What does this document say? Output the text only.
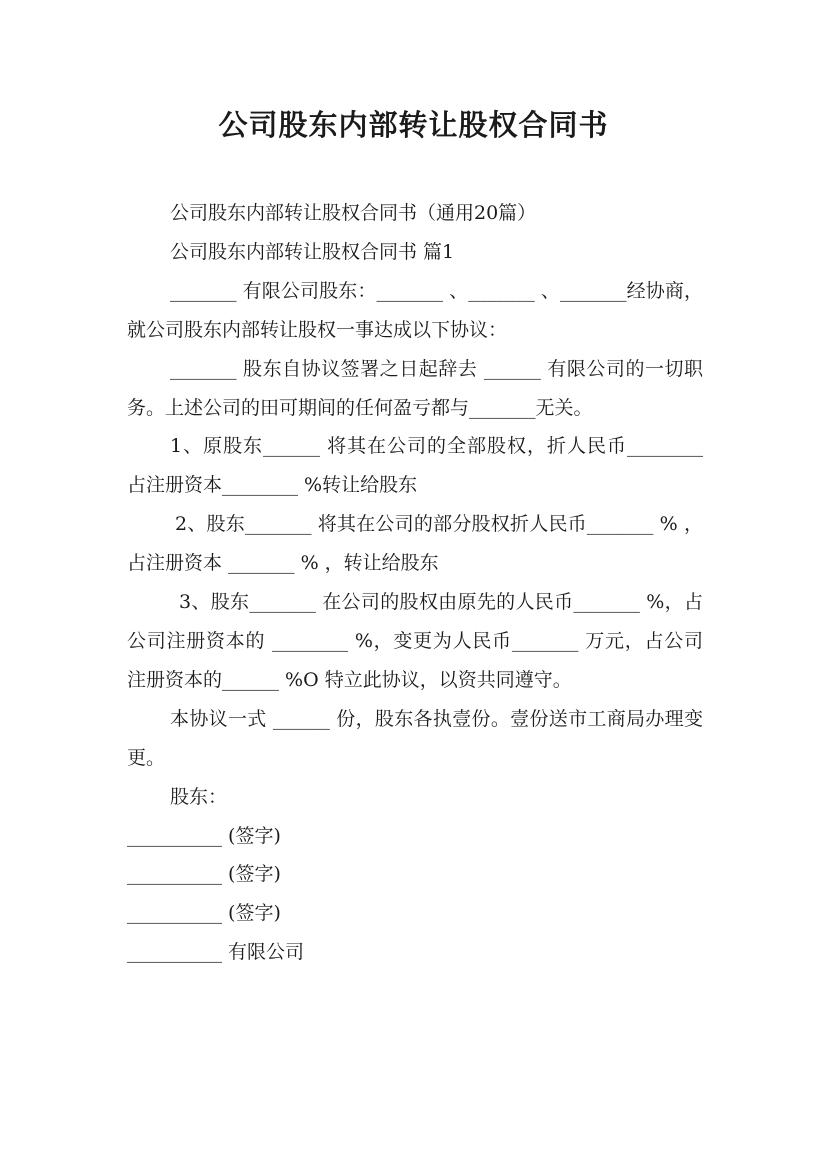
公司股东内部转让股权合同书

公司股东内部转让股权合同书（通用20篇）

公司股东内部转让股权合同书 篇1

_______ 有限公司股东：_______ 、_______ 、_______经协商，就公司股东内部转让股权一事达成以下协议：

_______ 股东自协议签署之日起辞去 ______ 有限公司的一切职务。上述公司的田可期间的任何盈亏都与_______无关。

1、原股东______ 将其在公司的全部股权，折人民币________ 占注册资本________ %转让给股东

2、股东_______ 将其在公司的部分股权折人民币_______ % ，占注册资本 _______ % ，转让给股东

3、股东_______ 在公司的股权由原先的人民币_______ %，占公司注册资本的 ________ %，变更为人民币_______ 万元，占公司注册资本的______ %O 特立此协议，以资共同遵守。

本协议一式 ______ 份，股东各执壹份。壹份送市工商局办理变更。

股东：

__________ (签字)

__________ (签字)

__________ (签字)

__________ 有限公司
